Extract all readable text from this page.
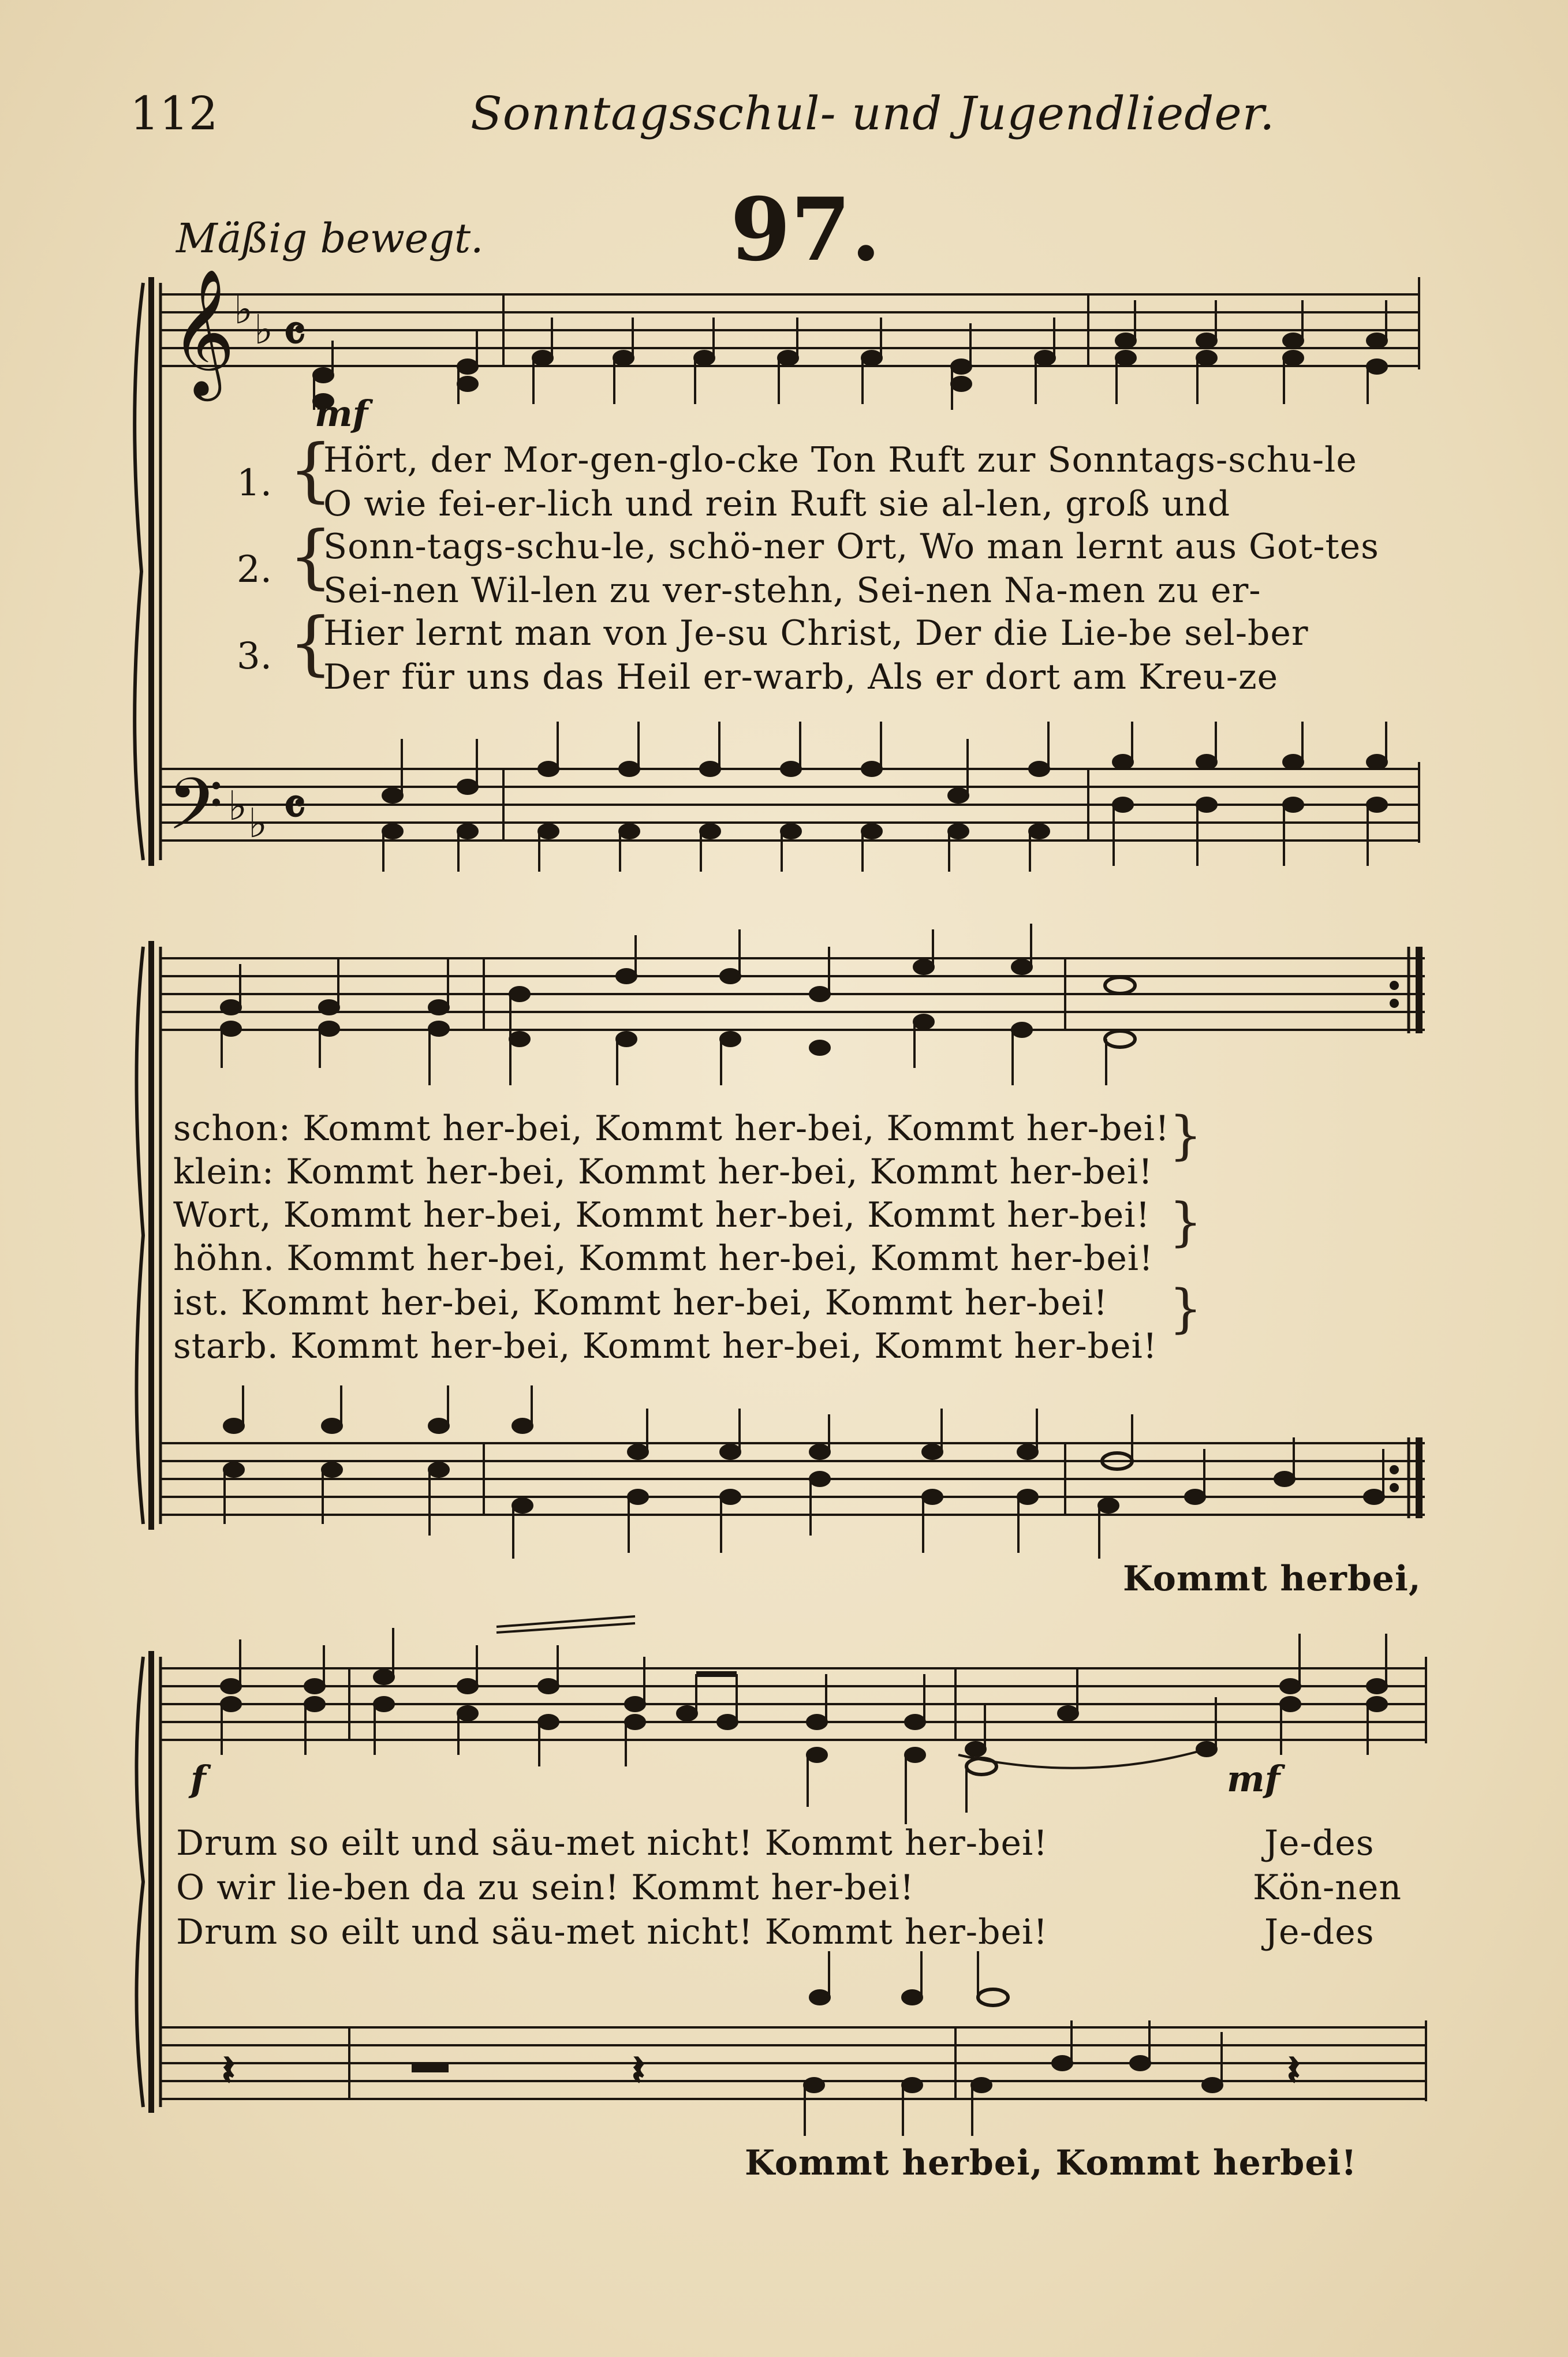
112	Sonntagsschul- und Jugendlieder.
97.
Mäßig bewegt.
𝄞
♭ ♭ 𝄴
𝄢 ♭ ♭ 𝄴
𝄽	𝄽	𝄽
mf
f	mf
1.
2.
3.
{
{
{
Hört, der Mor-gen-glo-cke Ton Ruft zur Sonntags-schu-le
O wie fei-er-lich und rein Ruft sie al-len, groß und
Sonn-tags-schu-le, schö-ner Ort, Wo man lernt aus Got-tes
Sei-nen Wil-len zu ver-stehn, Sei-nen Na-men zu er-
Hier lernt man von Je-su Christ, Der die Lie-be sel-ber
Der für uns das Heil er-warb, Als er dort am Kreu-ze
schon: Kommt her-bei, Kommt her-bei, Kommt her-bei!
klein: Kommt her-bei, Kommt her-bei, Kommt her-bei!
Wort, Kommt her-bei, Kommt her-bei, Kommt her-bei!
höhn. Kommt her-bei, Kommt her-bei, Kommt her-bei!
ist. Kommt her-bei, Kommt her-bei, Kommt her-bei!
starb. Kommt her-bei, Kommt her-bei, Kommt her-bei!
}
}
}
Kommt herbei,
Drum so eilt und säu-met nicht! Kommt her-bei!
O wir lie-ben da zu sein! Kommt her-bei!
Drum so eilt und säu-met nicht! Kommt her-bei!
Je-des
Kön-nen
Je-des
Kommt herbei, Kommt herbei!
